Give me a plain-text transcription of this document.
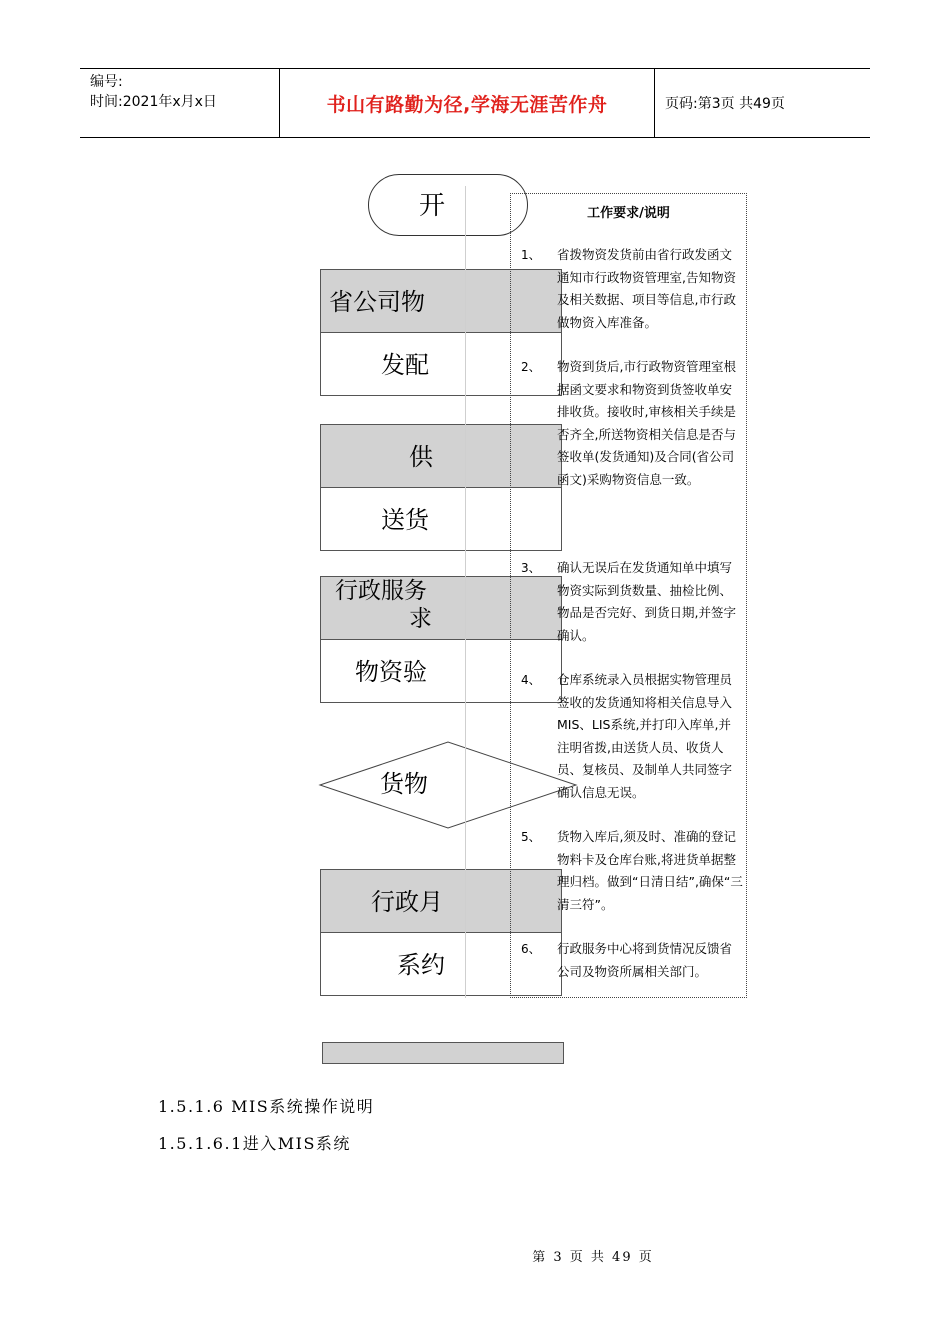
编号:
时间:2021年x月x日	书山有路勤为径,学海无涯苦作舟	页码:第3页 共49页
开
省公司物
发配
供
送货
行政服务
求
物资验
货物
行政月
系约
工作要求/说明
1、	省拨物资发货前由省行政发函文通知市行政物资管理室,告知物资及相关数据、项目等信息,市行政做物资入库准备。
2、	物资到货后,市行政物资管理室根据函文要求和物资到货签收单安排收货。接收时,审核相关手续是否齐全,所送物资相关信息是否与签收单(发货通知)及合同(省公司函文)采购物资信息一致。
3、	确认无误后在发货通知单中填写物资实际到货数量、抽检比例、物品是否完好、到货日期,并签字确认。
4、	仓库系统录入员根据实物管理员签收的发货通知将相关信息导入MIS、LIS系统,并打印入库单,并注明省拨,由送货人员、收货人员、复核员、及制单人共同签字确认信息无误。
5、	货物入库后,须及时、准确的登记物料卡及仓库台账,将进货单据整理归档。做到“日清日结”,确保“三清三符”。
6、	行政服务中心将到货情况反馈省公司及物资所属相关部门。
1.5.1.6 MIS系统操作说明
1.5.1.6.1进入MIS系统
第 3 页 共 49 页
